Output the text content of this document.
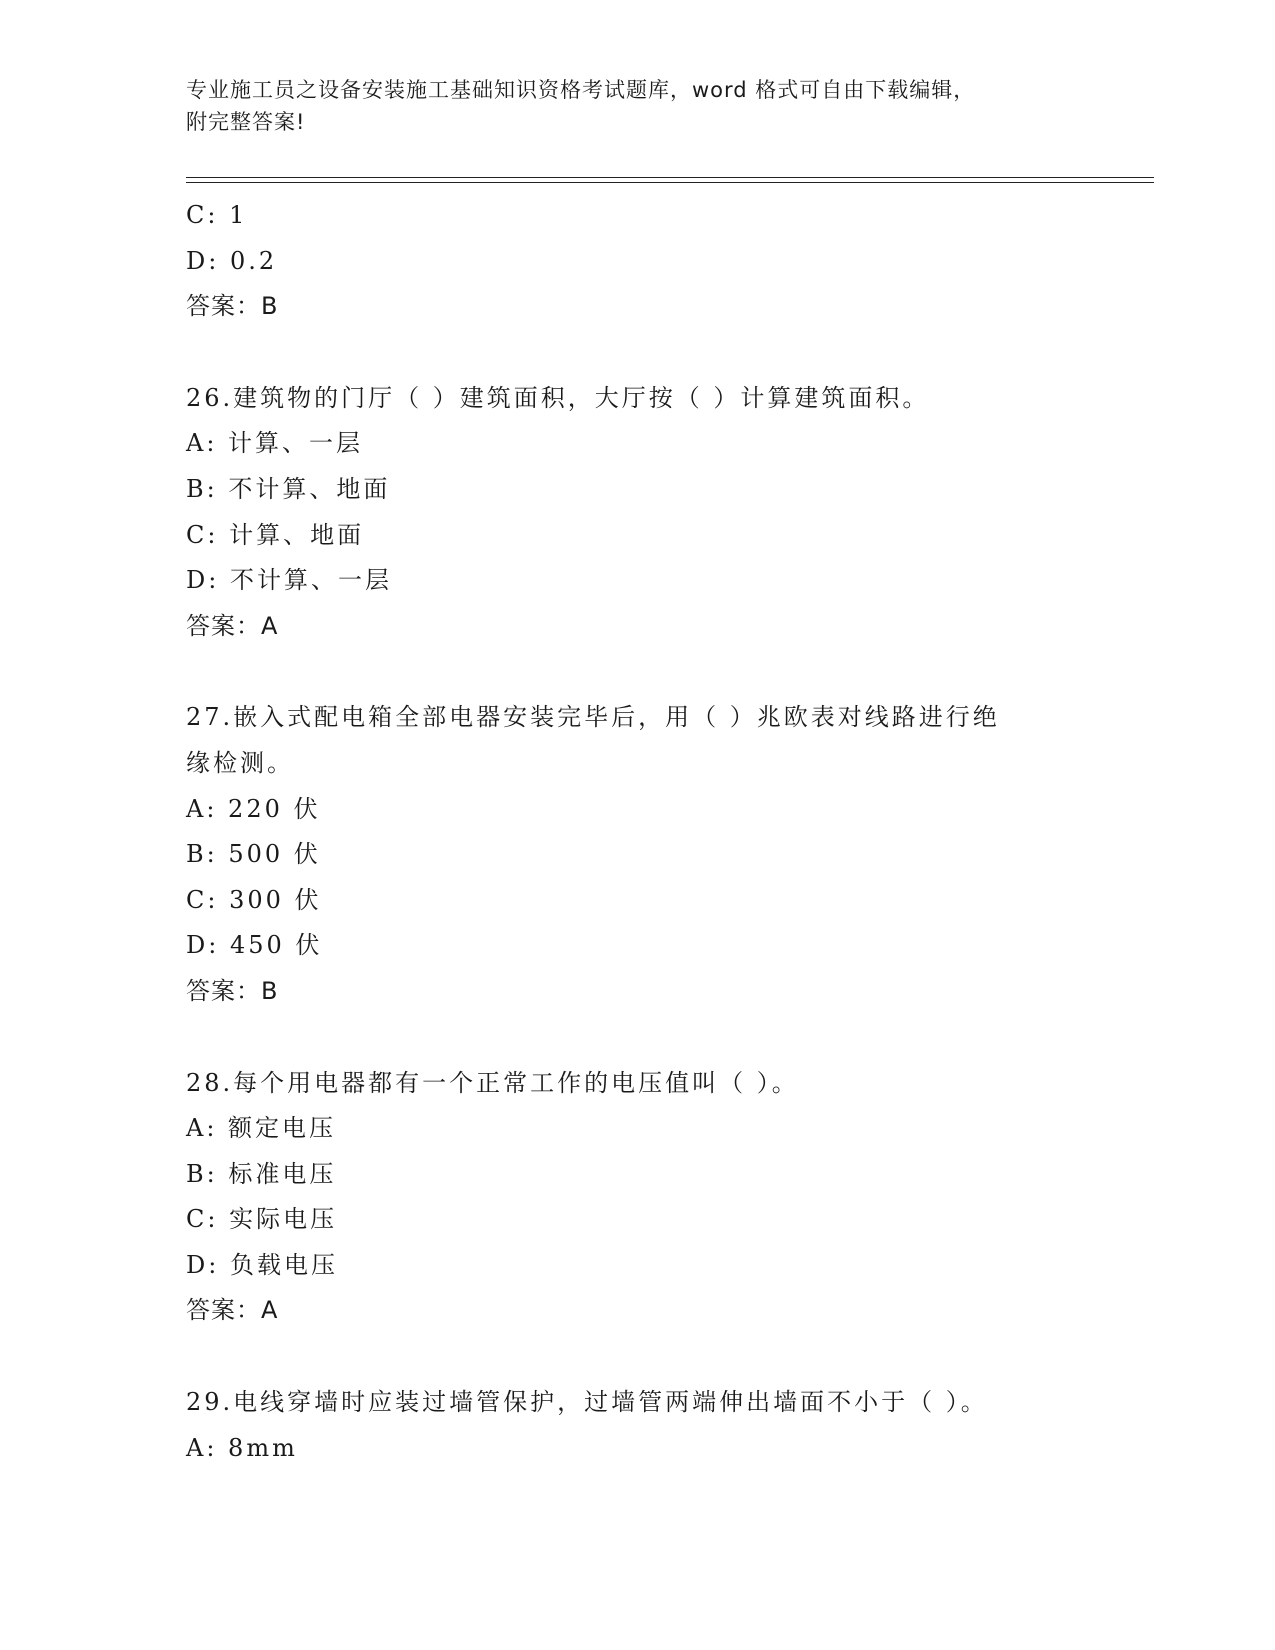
专业施工员之设备安装施工基础知识资格考试题库，word 格式可自由下载编辑，
附完整答案!
C: 1
D: 0.2
答案：B
26.建筑物的门厅（ ）建筑面积，大厅按（ ）计算建筑面积。
A: 计算、一层
B: 不计算、地面
C: 计算、地面
D: 不计算、一层
答案：A
27.嵌入式配电箱全部电器安装完毕后，用（ ）兆欧表对线路进行绝
缘检测。
A: 220 伏
B: 500 伏
C: 300 伏
D: 450 伏
答案：B
28.每个用电器都有一个正常工作的电压值叫（ ）。
A: 额定电压
B: 标准电压
C: 实际电压
D: 负载电压
答案：A
29.电线穿墙时应装过墙管保护，过墙管两端伸出墙面不小于（ ）。
A: 8mm
